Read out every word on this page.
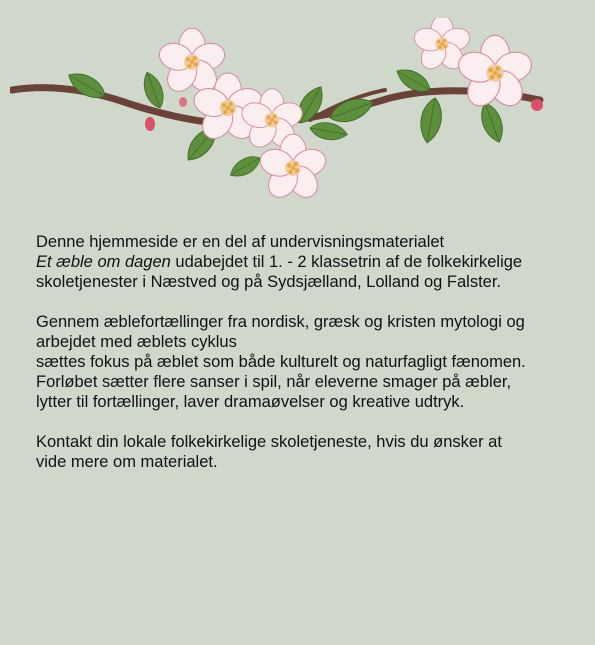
Denne hjemmeside er en del af undervisningsmaterialet
Et æble om dagen udabejdet til 1. - 2 klassetrin af de folkekirkelige
skoletjenester i Næstved og på Sydsjælland, Lolland og Falster.

Gennem æblefortællinger fra nordisk, græsk og kristen mytologi og
arbejdet med æblets cyklus
sættes fokus på æblet som både kulturelt og naturfagligt fænomen.
Forløbet sætter flere sanser i spil, når eleverne smager på æbler,
lytter til fortællinger, laver dramaøvelser og kreative udtryk.

Kontakt din lokale folkekirkelige skoletjeneste, hvis du ønsker at
vide mere om materialet.
